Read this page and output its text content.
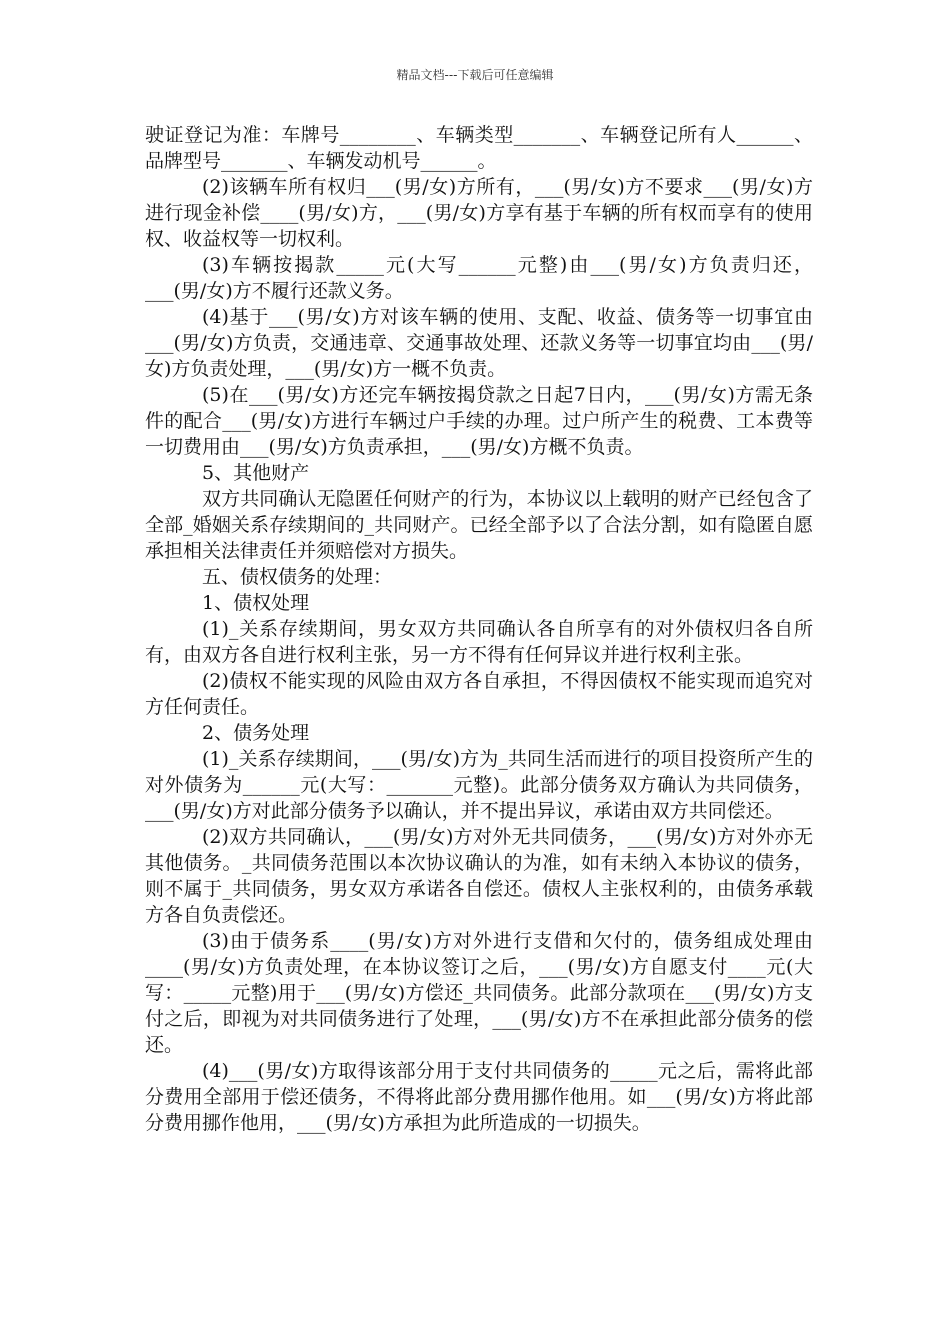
精品文档---下载后可任意编辑

驶证登记为准：车牌号________、车辆类型_______、车辆登记所有人______、品牌型号_______、车辆发动机号______。

(2)该辆车所有权归___(男/女)方所有，___(男/女)方不要求___(男/女)方进行现金补偿____(男/女)方，___(男/女)方享有基于车辆的所有权而享有的使用权、收益权等一切权利。

(3)车辆按揭款_____元(大写______元整)由___(男/女)方负责归还，___(男/女)方不履行还款义务。

(4)基于___(男/女)方对该车辆的使用、支配、收益、债务等一切事宜由___(男/女)方负责，交通违章、交通事故处理、还款义务等一切事宜均由___(男/女)方负责处理，___(男/女)方一概不负责。

(5)在___(男/女)方还完车辆按揭贷款之日起7日内，___(男/女)方需无条件的配合___(男/女)方进行车辆过户手续的办理。过户所产生的税费、工本费等一切费用由___(男/女)方负责承担，___(男/女)方概不负责。

5、其他财产

双方共同确认无隐匿任何财产的行为，本协议以上载明的财产已经包含了全部_婚姻关系存续期间的_共同财产。已经全部予以了合法分割，如有隐匿自愿承担相关法律责任并须赔偿对方损失。

五、债权债务的处理：

1、债权处理

(1)_关系存续期间，男女双方共同确认各自所享有的对外债权归各自所有，由双方各自进行权利主张，另一方不得有任何异议并进行权利主张。

(2)债权不能实现的风险由双方各自承担，不得因债权不能实现而追究对方任何责任。

2、债务处理

(1)_关系存续期间，___(男/女)方为_共同生活而进行的项目投资所产生的对外债务为______元(大写：_______元整)。此部分债务双方确认为共同债务，___(男/女)方对此部分债务予以确认，并不提出异议，承诺由双方共同偿还。

(2)双方共同确认，___(男/女)方对外无共同债务，___(男/女)方对外亦无其他债务。_共同债务范围以本次协议确认的为准，如有未纳入本协议的债务，则不属于_共同债务，男女双方承诺各自偿还。债权人主张权利的，由债务承载方各自负责偿还。

(3)由于债务系____(男/女)方对外进行支借和欠付的，债务组成处理由____(男/女)方负责处理，在本协议签订之后，___(男/女)方自愿支付____元(大写：_____元整)用于___(男/女)方偿还_共同债务。此部分款项在___(男/女)方支付之后，即视为对共同债务进行了处理，___(男/女)方不在承担此部分债务的偿还。

(4)___(男/女)方取得该部分用于支付共同债务的_____元之后，需将此部分费用全部用于偿还债务，不得将此部分费用挪作他用。如___(男/女)方将此部分费用挪作他用，___(男/女)方承担为此所造成的一切损失。
